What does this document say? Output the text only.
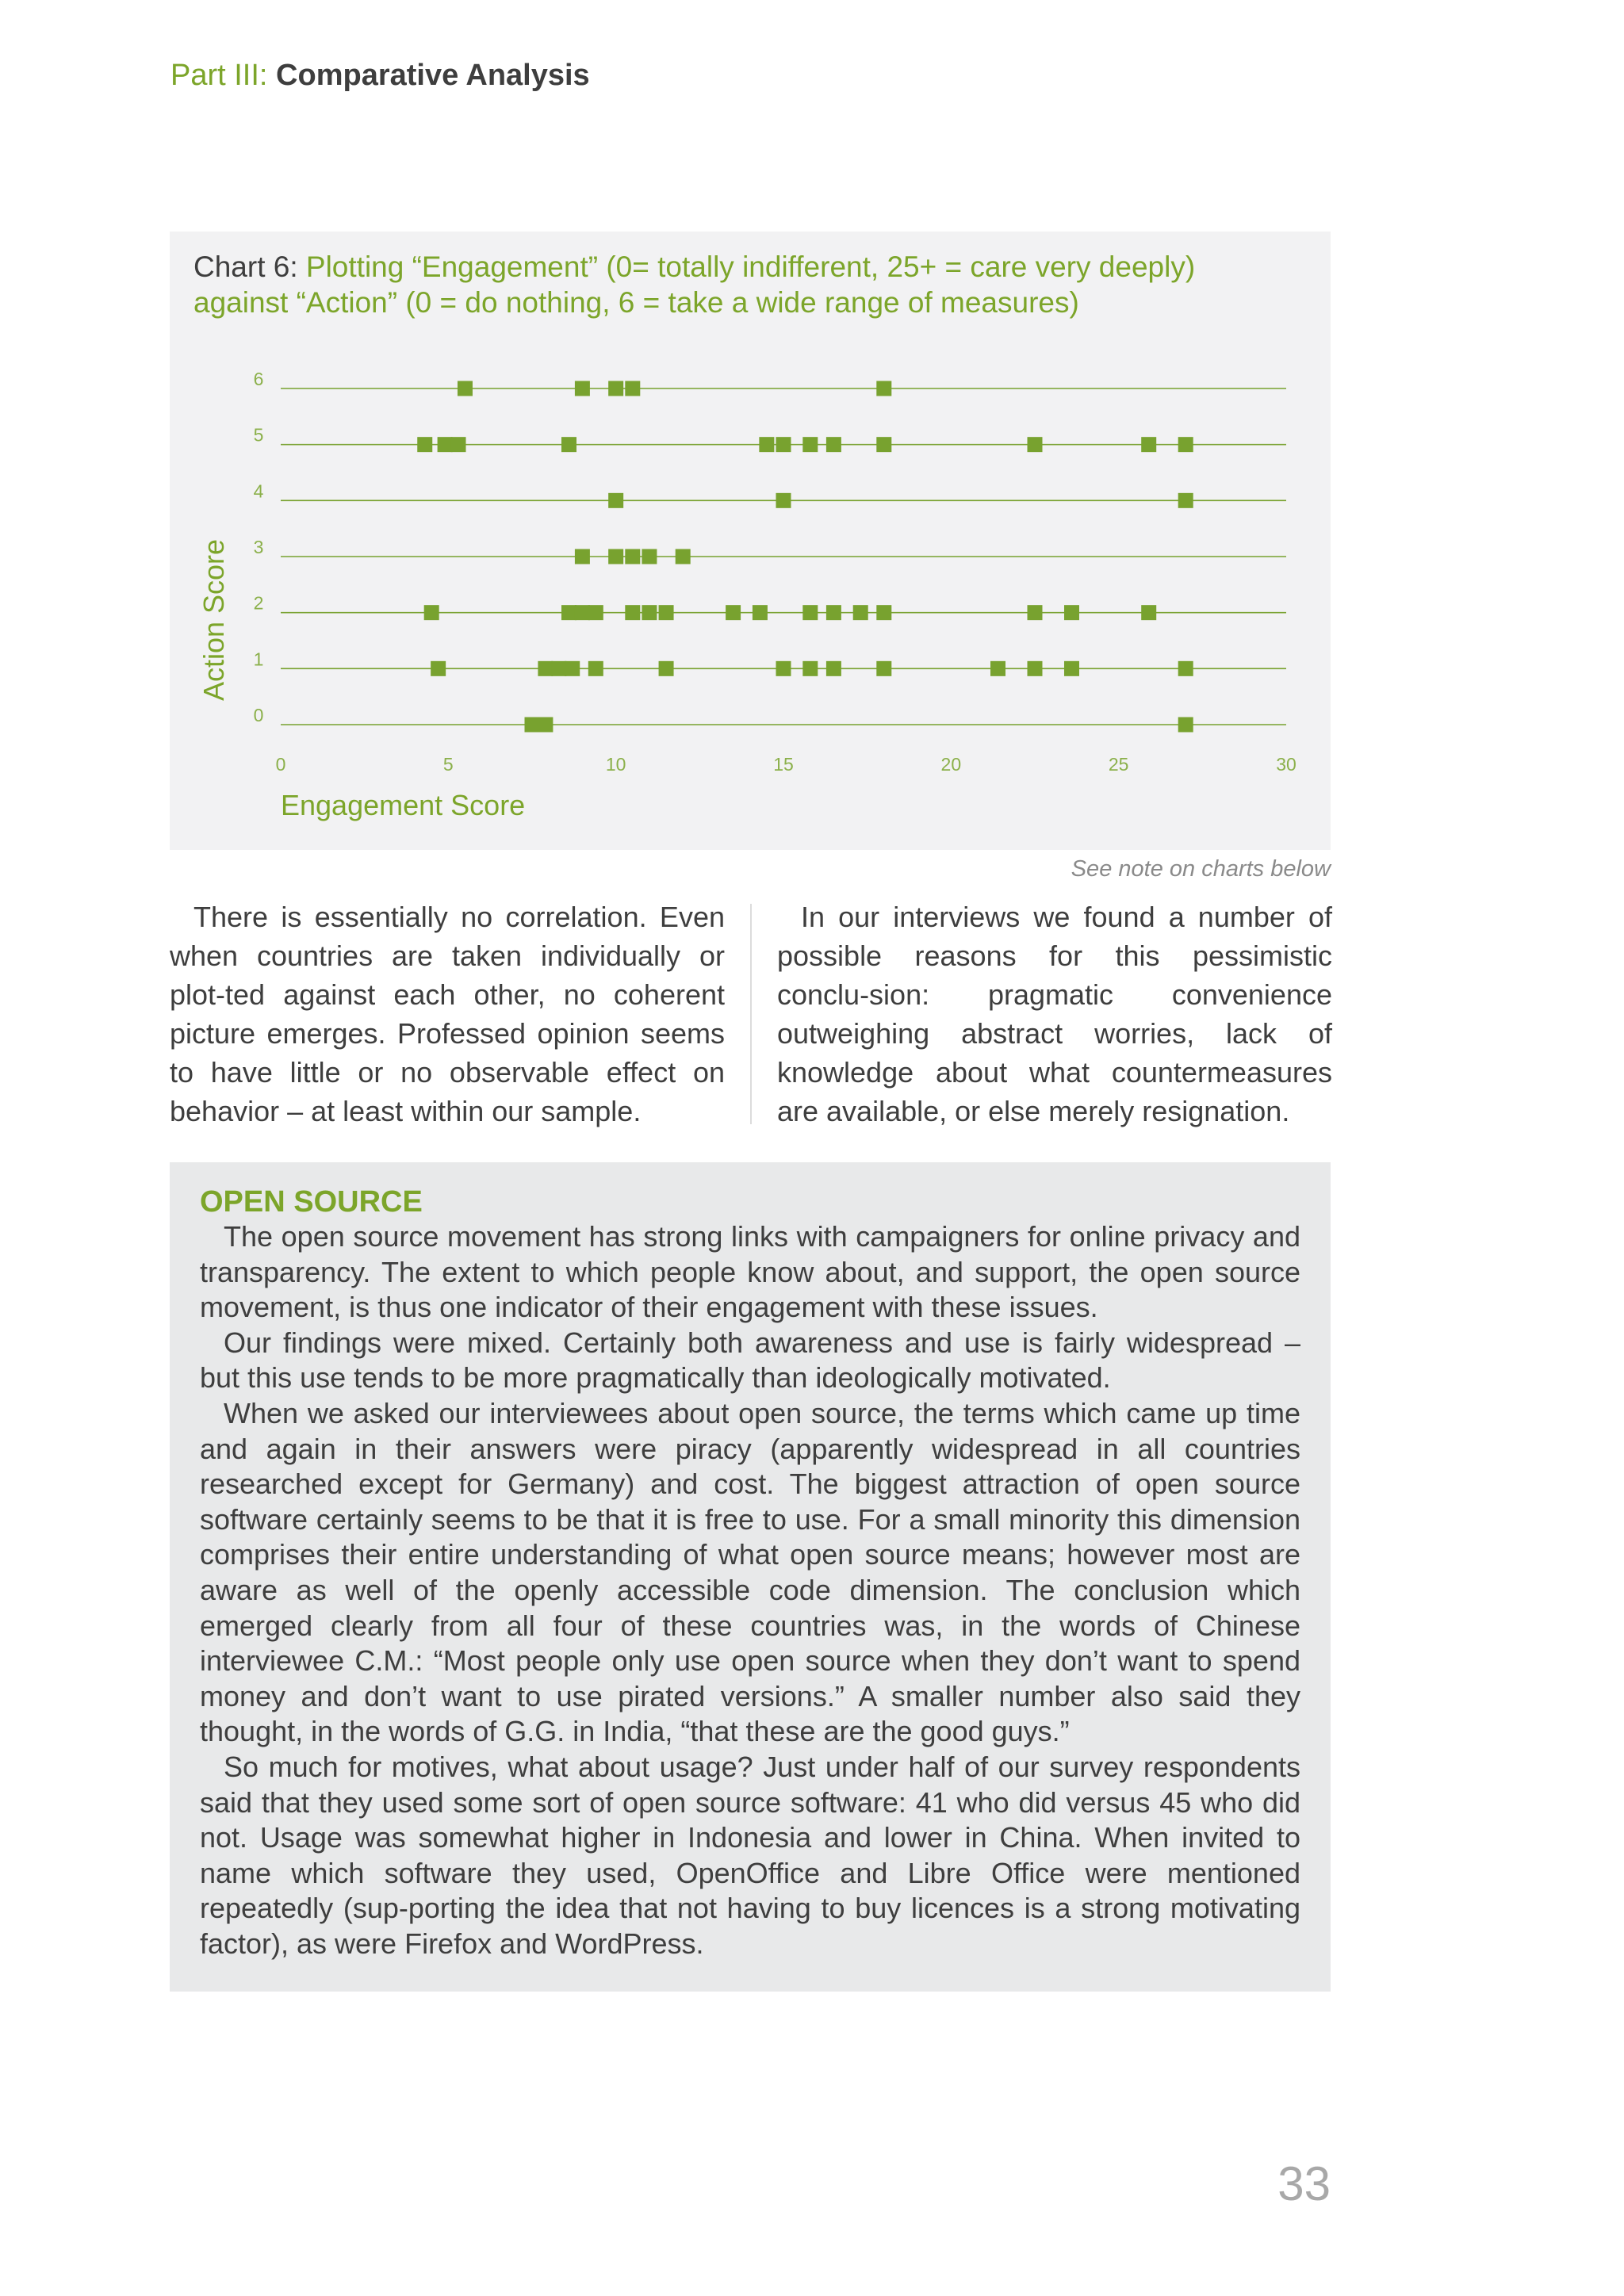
Part III: Comparative Analysis
Chart 6: Plotting “Engagement” (0= totally indifferent, 25+ = care very deeply)
against “Action” (0 = do nothing, 6 = take a wide range of measures)
0
1
2
3
4
5
6
0	5	10	15	20	25	30
Engagement Score
Action Score
See note on charts below

There is essentially no correlation. Even when countries are taken individually or plot-ted against each other, no coherent picture emerges. Professed opinion seems to have little or no observable effect on behavior – at least within our sample.

In our interviews we found a number of possible reasons for this pessimistic conclu-sion: pragmatic convenience outweighing abstract worries, lack of knowledge about what countermeasures are available, or else merely resignation.

OPEN SOURCE

The open source movement has strong links with campaigners for online privacy and transparency. The extent to which people know about, and support, the open source movement, is thus one indicator of their engagement with these issues.

Our findings were mixed. Certainly both awareness and use is fairly widespread – but this use tends to be more pragmatically than ideologically motivated.

When we asked our interviewees about open source, the terms which came up time and again in their answers were piracy (apparently widespread in all countries researched except for Germany) and cost. The biggest attraction of open source software certainly seems to be that it is free to use. For a small minority this dimension comprises their entire understanding of what open source means; however most are aware as well of the openly accessible code dimension. The conclusion which emerged clearly from all four of these countries was, in the words of Chinese interviewee C.M.: “Most people only use open source when they don’t want to spend money and don’t want to use pirated versions.” A smaller number also said they thought, in the words of G.G. in India, “that these are the good guys.”

So much for motives, what about usage? Just under half of our survey respondents said that they used some sort of open source software: 41 who did versus 45 who did not. Usage was somewhat higher in Indonesia and lower in China. When invited to name which software they used, OpenOffice and Libre Office were mentioned repeatedly (sup-porting the idea that not having to buy licences is a strong motivating factor), as were Firefox and WordPress.

33
